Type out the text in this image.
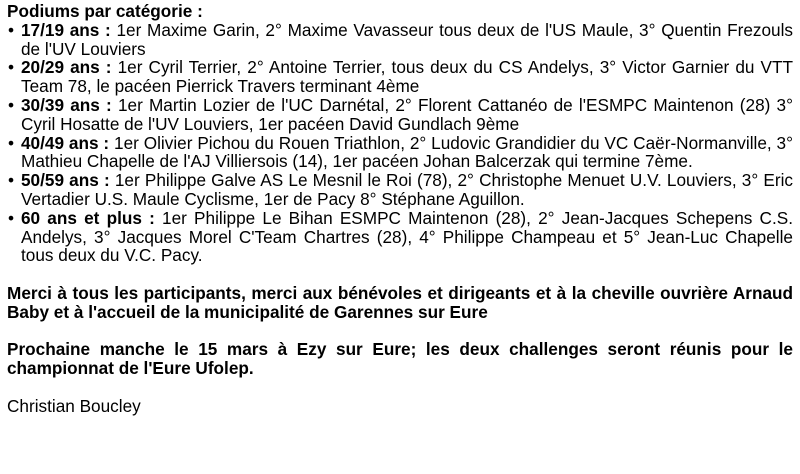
Podiums par catégorie :

• 17/19 ans : 1er Maxime Garin, 2° Maxime Vavasseur tous deux de l'US Maule, 3° Quentin Frezouls de l'UV Louviers
• 20/29 ans : 1er Cyril Terrier, 2° Antoine Terrier, tous deux du CS Andelys, 3° Victor Garnier du VTT Team 78, le pacéen Pierrick Travers terminant 4ème
• 30/39 ans : 1er Martin Lozier de l'UC Darnétal, 2° Florent Cattanéo de l'ESMPC Maintenon (28) 3° Cyril Hosatte de l'UV Louviers, 1er pacéen David Gundlach 9ème
• 40/49 ans : 1er Olivier Pichou du Rouen Triathlon, 2° Ludovic Grandidier du VC Caër-Normanville, 3° Mathieu Chapelle de l'AJ Villiersois (14), 1er pacéen Johan Balcerzak qui termine 7ème.
• 50/59 ans : 1er Philippe Galve AS Le Mesnil le Roi (78), 2° Christophe Menuet U.V. Louviers, 3° Eric Vertadier U.S. Maule Cyclisme, 1er de Pacy 8° Stéphane Aguillon.
• 60 ans et plus : 1er Philippe Le Bihan ESMPC Maintenon (28), 2° Jean-Jacques Schepens C.S. Andelys, 3° Jacques Morel C'Team Chartres (28), 4° Philippe Champeau et 5° Jean-Luc Chapelle tous deux du V.C. Pacy.

Merci à tous les participants, merci aux bénévoles et dirigeants et à la cheville ouvrière Arnaud Baby et à l'accueil de la municipalité de Garennes sur Eure

Prochaine manche le 15 mars à Ezy sur Eure; les deux challenges seront réunis pour le championnat de l'Eure Ufolep.

Christian Boucley
